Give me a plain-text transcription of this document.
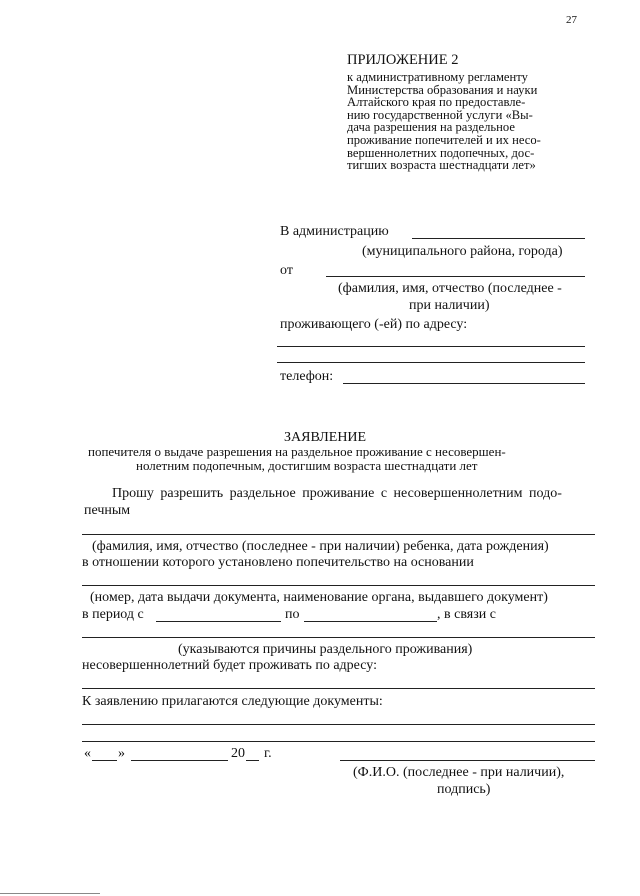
27
ПРИЛОЖЕНИЕ 2
к административному регламенту
Министерства образования и науки
Алтайского края по предоставле-
нию государственной услуги «Вы-
дача разрешения на раздельное
проживание попечителей и их несо-
вершеннолетних подопечных, дос-
тигших возраста шестнадцати лет»
В администрацию
(муниципального района, города)
от
(фамилия, имя, отчество (последнее -
при наличии)
проживающего (-ей) по адресу:
телефон:
ЗАЯВЛЕНИЕ
попечителя о выдаче разрешения на раздельное проживание с несовершен-
нолетним подопечным, достигшим возраста шестнадцати лет
Прошу разрешить раздельное проживание с несовершеннолетним подо-
печным
(фамилия, имя, отчество (последнее - при наличии) ребенка, дата рождения)
в отношении которого установлено попечительство на основании
(номер, дата выдачи документа, наименование органа, выдавшего документ)
в период с	по	, в связи с
(указываются причины раздельного проживания)
несовершеннолетний будет проживать по адресу:
К заявлению прилагаются следующие документы:
« »	20 г.
(Ф.И.О. (последнее - при наличии),
подпись)
